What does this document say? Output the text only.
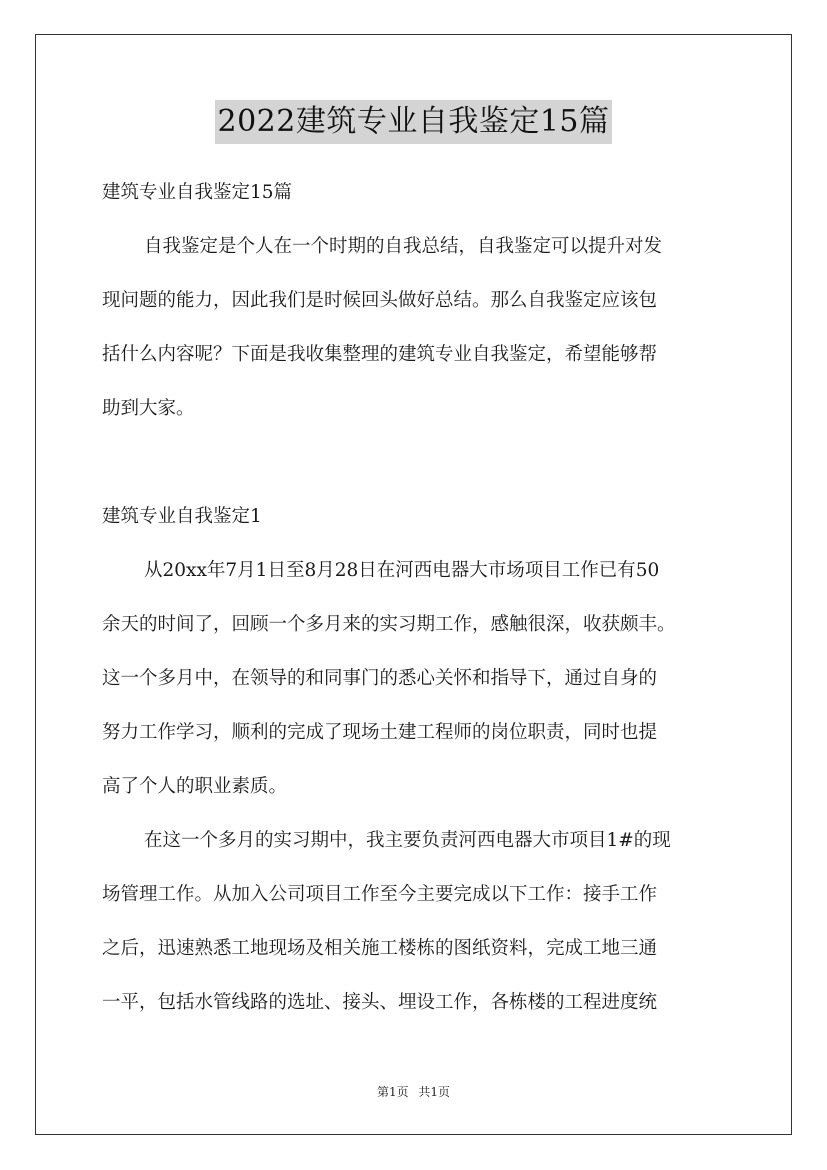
2022建筑专业自我鉴定15篇
建筑专业自我鉴定15篇
自我鉴定是个人在一个时期的自我总结，自我鉴定可以提升对发
现问题的能力，因此我们是时候回头做好总结。那么自我鉴定应该包
括什么内容呢？下面是我收集整理的建筑专业自我鉴定，希望能够帮
助到大家。
建筑专业自我鉴定1
从20xx年7月1日至8月28日在河西电器大市场项目工作已有50
余天的时间了，回顾一个多月来的实习期工作，感触很深，收获颇丰。
这一个多月中，在领导的和同事门的悉心关怀和指导下，通过自身的
努力工作学习，顺利的完成了现场土建工程师的岗位职责，同时也提
高了个人的职业素质。
在这一个多月的实习期中，我主要负责河西电器大市项目1#的现
场管理工作。从加入公司项目工作至今主要完成以下工作：接手工作
之后，迅速熟悉工地现场及相关施工楼栋的图纸资料，完成工地三通
一平，包括水管线路的选址、接头、埋设工作，各栋楼的工程进度统
第1页 共1页
